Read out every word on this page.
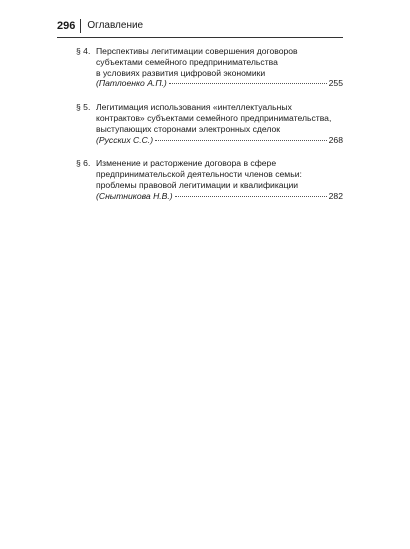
296	Оглавление
§ 4. Перспективы легитимации совершения договоров
субъектами семейного предпринимательства
в условиях развития цифровой экономики
(Патлоенко А.П.)	255
§ 5. Легитимация использования «интеллектуальных
контрактов» субъектами семейного предпринимательства,
выступающих сторонами электронных сделок
(Русских С.С.)	268
§ 6. Изменение и расторжение договора в сфере
предпринимательской деятельности членов семьи:
проблемы правовой легитимации и квалификации
(Снытникова Н.В.)	282
